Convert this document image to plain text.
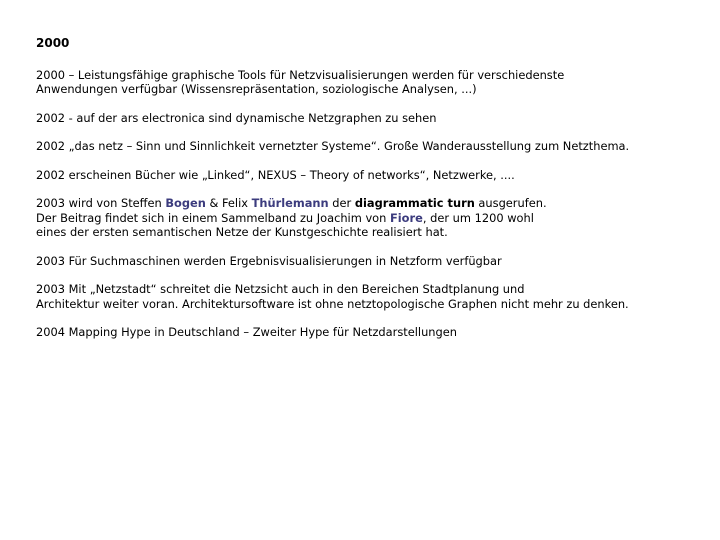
2000
2000 – Leistungsfähige graphische Tools für Netzvisualisierungen werden für verschiedenste
Anwendungen verfügbar (Wissensrepräsentation, soziologische Analysen, ...)
2002 - auf der ars electronica sind dynamische Netzgraphen zu sehen
2002 „das netz – Sinn und Sinnlichkeit vernetzter Systeme“. Große Wanderausstellung zum Netzthema.
2002 erscheinen Bücher wie „Linked“, NEXUS – Theory of networks“, Netzwerke, ....
2003 wird von Steffen Bogen & Felix Thürlemann der diagrammatic turn ausgerufen.
Der Beitrag findet sich in einem Sammelband zu Joachim von Fiore, der um 1200 wohl
eines der ersten semantischen Netze der Kunstgeschichte realisiert hat.
2003 Für Suchmaschinen werden Ergebnisvisualisierungen in Netzform verfügbar
2003 Mit „Netzstadt“ schreitet die Netzsicht auch in den Bereichen Stadtplanung und
Architektur weiter voran. Architektursoftware ist ohne netztopologische Graphen nicht mehr zu denken.
2004 Mapping Hype in Deutschland – Zweiter Hype für Netzdarstellungen
